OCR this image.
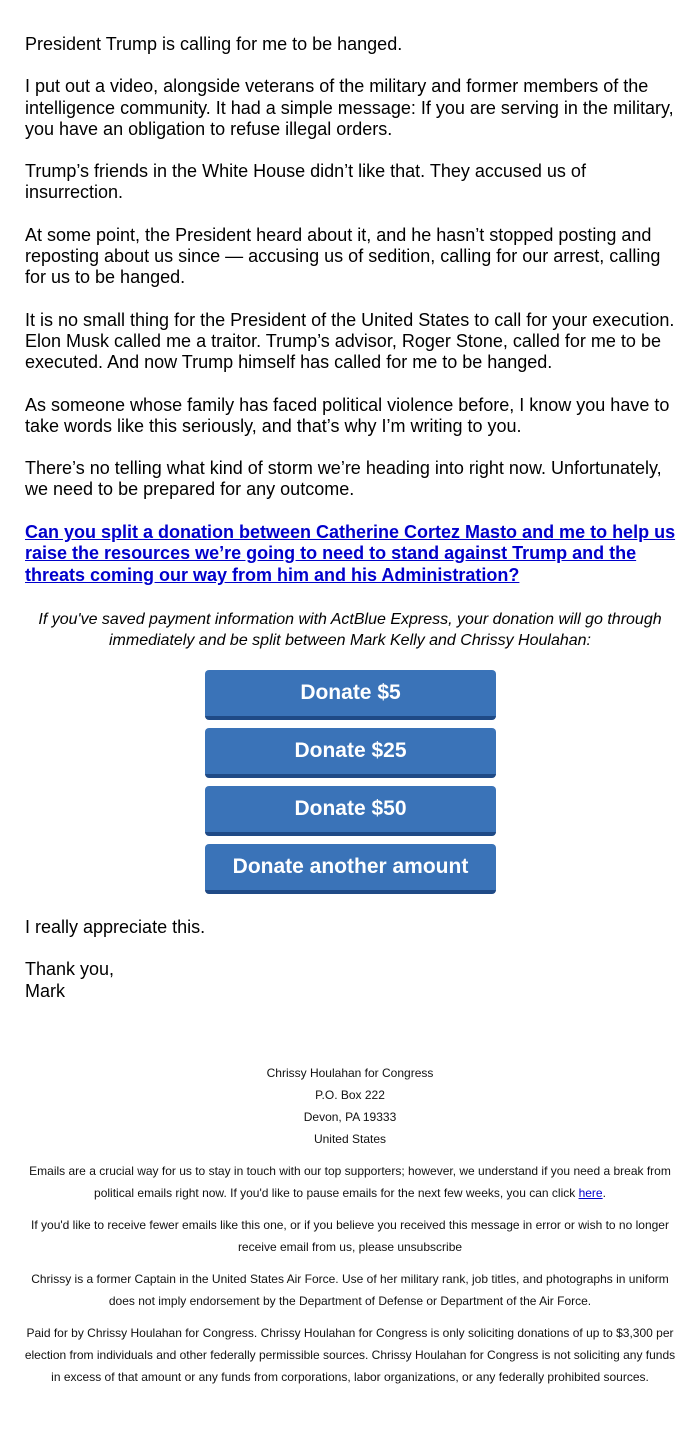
President Trump is calling for me to be hanged.

I put out a video, alongside veterans of the military and former members of the intelligence community. It had a simple message: If you are serving in the military, you have an obligation to refuse illegal orders.

Trump’s friends in the White House didn’t like that. They accused us of insurrection.

At some point, the President heard about it, and he hasn’t stopped posting and reposting about us since — accusing us of sedition, calling for our arrest, calling for us to be hanged.

It is no small thing for the President of the United States to call for your execution. Elon Musk called me a traitor. Trump’s advisor, Roger Stone, called for me to be executed. And now Trump himself has called for me to be hanged.

As someone whose family has faced political violence before, I know you have to take words like this seriously, and that’s why I’m writing to you.

There’s no telling what kind of storm we’re heading into right now. Unfortunately, we need to be prepared for any outcome.

Can you split a donation between Catherine Cortez Masto and me to help us raise the resources we’re going to need to stand against Trump and the threats coming our way from him and his Administration?

If you've saved payment information with ActBlue Express, your donation will go through immediately and be split between Mark Kelly and Chrissy Houlahan:

Donate $5
Donate $25
Donate $50
Donate another amount

I really appreciate this.

Thank you,
Mark
Chrissy Houlahan for Congress
P.O. Box 222
Devon, PA 19333
United States

Emails are a crucial way for us to stay in touch with our top supporters; however, we understand if you need a break from political emails right now. If you'd like to pause emails for the next few weeks, you can click here.

If you'd like to receive fewer emails like this one, or if you believe you received this message in error or wish to no longer receive email from us, please unsubscribe

Chrissy is a former Captain in the United States Air Force. Use of her military rank, job titles, and photographs in uniform does not imply endorsement by the Department of Defense or Department of the Air Force.

Paid for by Chrissy Houlahan for Congress. Chrissy Houlahan for Congress is only soliciting donations of up to $3,300 per election from individuals and other federally permissible sources. Chrissy Houlahan for Congress is not soliciting any funds in excess of that amount or any funds from corporations, labor organizations, or any federally prohibited sources.
